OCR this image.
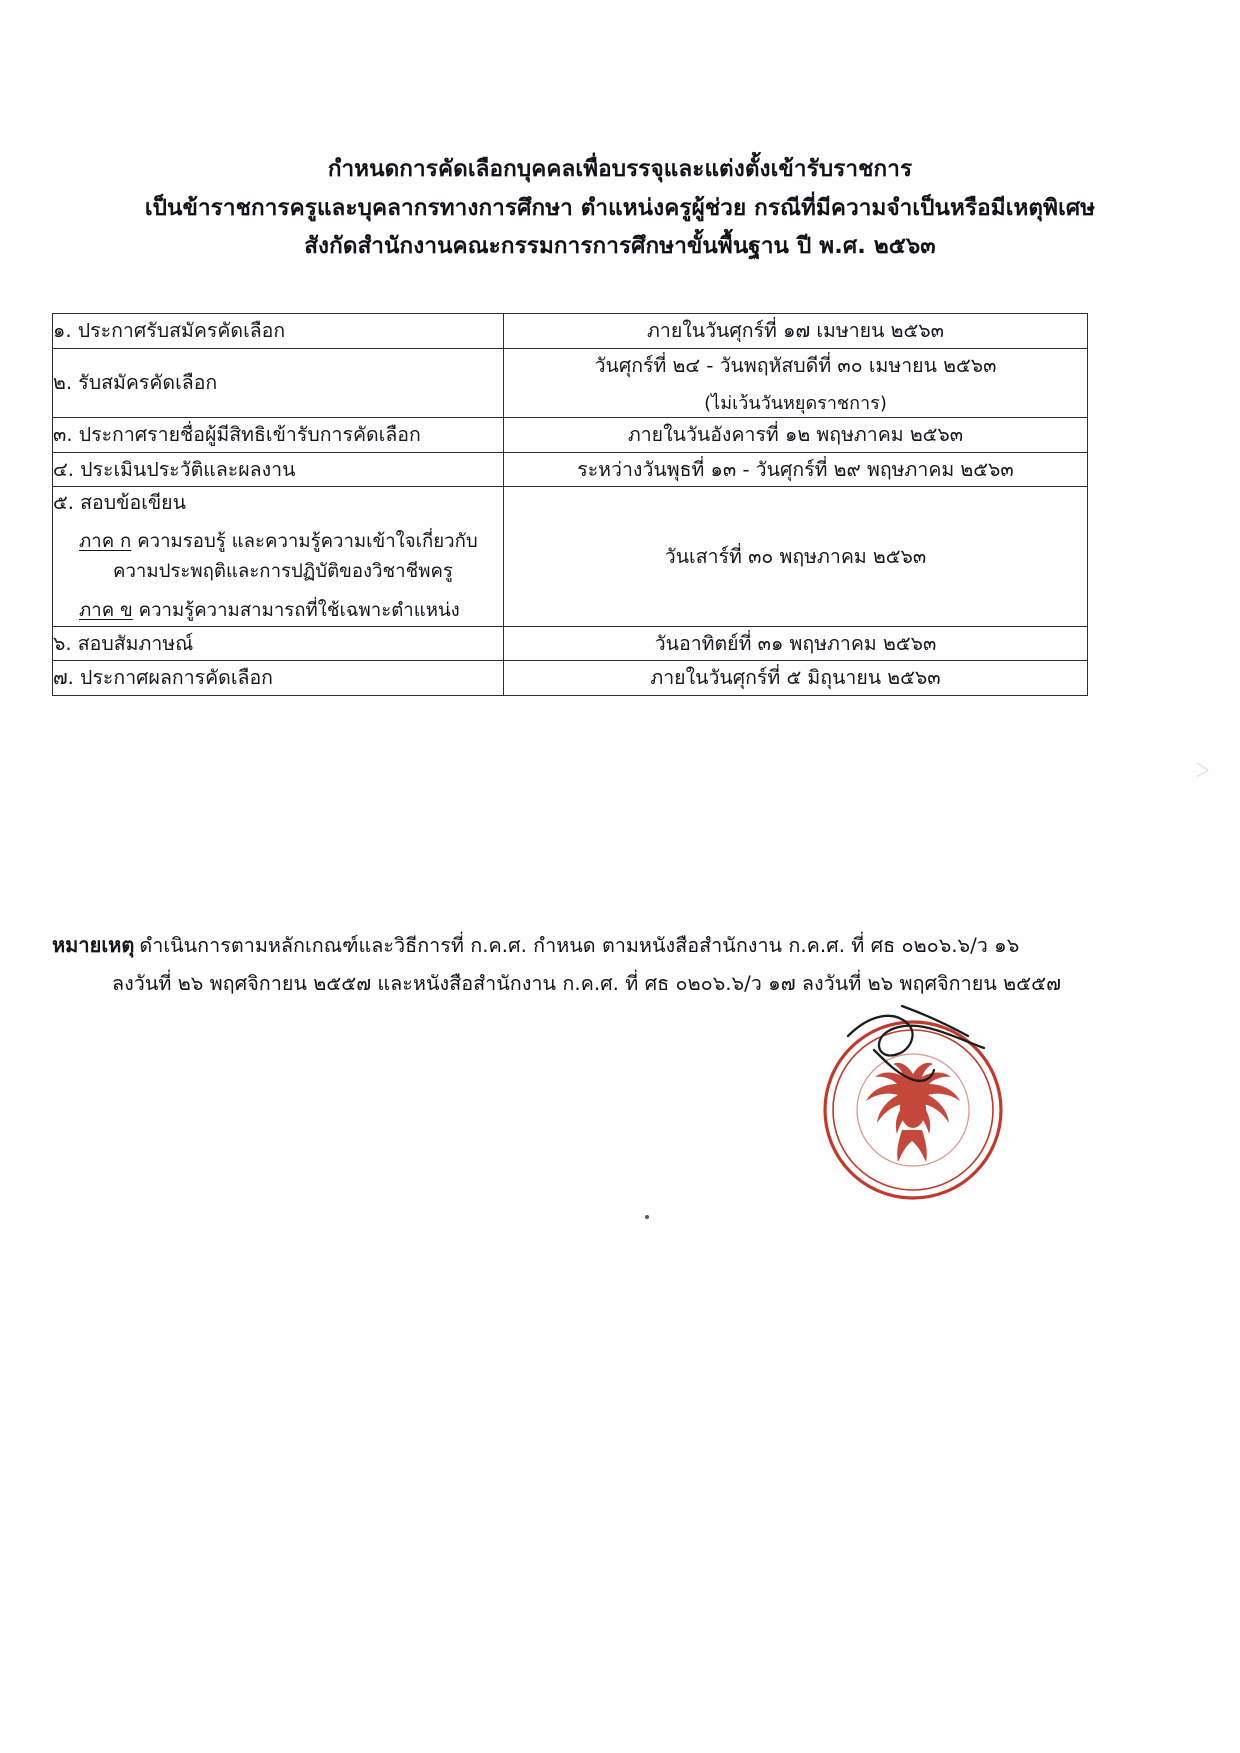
กำหนดการคัดเลือกบุคคลเพื่อบรรจุและแต่งตั้งเข้ารับราชการ
เป็นข้าราชการครูและบุคลากรทางการศึกษา ตำแหน่งครูผู้ช่วย กรณีที่มีความจำเป็นหรือมีเหตุพิเศษ
สังกัดสำนักงานคณะกรรมการการศึกษาขั้นพื้นฐาน ปี พ.ศ. ๒๕๖๓
๑. ประกาศรับสมัครคัดเลือก	ภายในวันศุกร์ที่ ๑๗ เมษายน ๒๕๖๓

๒. รับสมัครคัดเลือก	วันศุกร์ที่ ๒๔ - วันพฤหัสบดีที่ ๓๐ เมษายน ๒๕๖๓
(ไม่เว้นวันหยุดราชการ)

๓. ประกาศรายชื่อผู้มีสิทธิเข้ารับการคัดเลือก	ภายในวันอังคารที่ ๑๒ พฤษภาคม ๒๕๖๓

๔. ประเมินประวัติและผลงาน	ระหว่างวันพุธที่ ๑๓ - วันศุกร์ที่ ๒๙ พฤษภาคม ๒๕๖๓

๕. สอบข้อเขียน
ภาค ก ความรอบรู้ และความรู้ความเข้าใจเกี่ยวกับ
ความประพฤติและการปฏิบัติของวิชาชีพครู
ภาค ข ความรู้ความสามารถที่ใช้เฉพาะตำแหน่ง	วันเสาร์ที่ ๓๐ พฤษภาคม ๒๕๖๓

๖. สอบสัมภาษณ์	วันอาทิตย์ที่ ๓๑ พฤษภาคม ๒๕๖๓

๗. ประกาศผลการคัดเลือก	ภายในวันศุกร์ที่ ๕ มิถุนายน ๒๕๖๓
หมายเหตุ ดำเนินการตามหลักเกณฑ์และวิธีการที่ ก.ค.ศ. กำหนด ตามหนังสือสำนักงาน ก.ค.ศ. ที่ ศธ ๐๒๐๖.๖/ว ๑๖
ลงวันที่ ๒๖ พฤศจิกายน ๒๕๕๗ และหนังสือสำนักงาน ก.ค.ศ. ที่ ศธ ๐๒๐๖.๖/ว ๑๗ ลงวันที่ ๒๖ พฤศจิกายน ๒๕๕๗
